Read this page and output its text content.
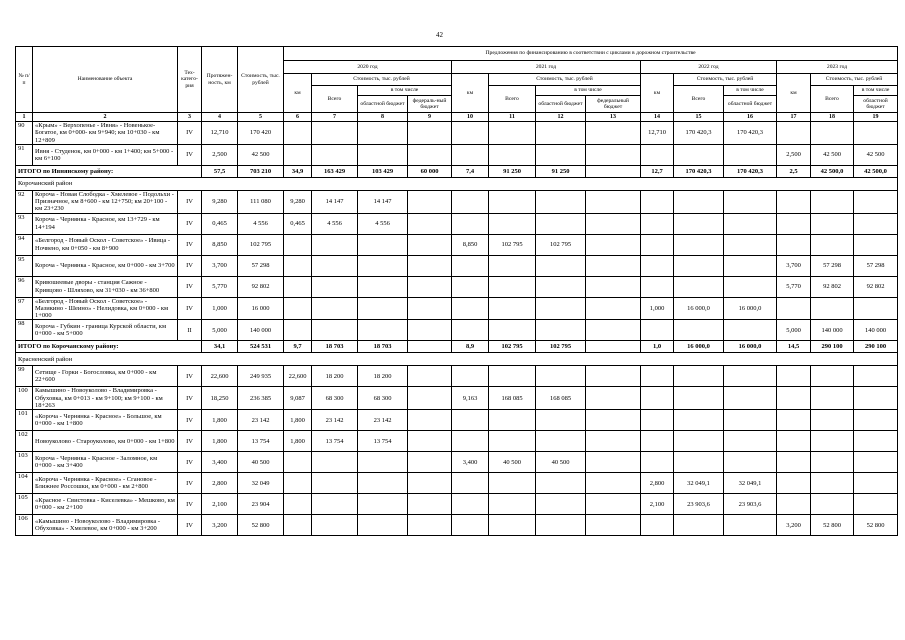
42
№ п/п	Наименование объекта	Тех-катего-рия	Протяжен-ность, км	Стоимость, тыс. рублей	Предложения по финансированию в соответствии с циклами в дорожном строительстве													
					2020 год				2021 год				2022 год			2023 год		
					км	Стоимость, тыс. рублей			км	Стоимость, тыс. рублей			км	Стоимость, тыс. рублей		км	Стоимость, тыс. рублей	
						Всего	в том числе			Всего	в том числе			Всего	в том числе		Всего	в том числе
							областной бюджет	федераль-ный бюджет			областной бюджет	федеральный бюджет			областной бюджет			областной бюджет
1	2	3	4	5	6	7	8	9	10	11	12	13	14	15	16	17	18	19
90	«Крым» - Верхопенье - Ивня» - Новенькое-Богатое, км 0+000- км 9+940; км 10+030 - км 12+809	IV	12,710	170 420									12,710	170 420,3	170 420,3			
91	Ивня - Студенок, км 0+000 - км 1+400; км 5+000 - км 6+100	IV	2,500	42 500												2,500	42 500	42 500
ИТОГО по Ивнянскому району:			57,5	703 210	34,9	163 429	103 429	60 000	7,4	91 250	91 250		12,7	170 420,3	170 420,3	2,5	42 500,0	42 500,0
Корочанский район																		
92	Короча - Новая Слободка - Хмелевое - Подольхи - Призначное, км 8+600 - км 12+750; км 20+100 - км 23+230	IV	9,280	111 080	9,280	14 147	14 147											
93	Короча - Чернянка - Красное, км 13+729 - км 14+194	IV	0,465	4 556	0,465	4 556	4 556											
94	«Белгород - Новый Оскол - Советское» - Ивица - Ночвено, км 0+050 - км 8+900	IV	8,850	102 795					8,850	102 795	102 795							
95	Короча - Чернянка - Красное, км 0+000 - км 3+700	IV	3,700	57 298												3,700	57 298	57 298
96	Кривошеевые дворы - станция Сажное - Кривцово - Шляхово, км 31+030 - км 36+800	IV	5,770	92 802												5,770	92 802	92 802
97	«Белгород - Новый Оскол - Советское» - Мазикино - Шеино» - Нелидовка, км 0+000 - км 1+000	IV	1,000	16 000									1,000	16 000,0	16 000,0			
98	Короча - Губкин - граница Курской области, км 0+000 - км 5+000	II	5,000	140 000												5,000	140 000	140 000
ИТОГО по Корочанскому району:			34,1	524 531	9,7	18 703	18 703		8,9	102 795	102 795		1,0	16 000,0	16 000,0	14,5	290 100	290 100
Красненский район																		
99	Сетище - Горки - Богословка, км 0+000 - км 22+600	IV	22,600	249 935	22,600	18 200	18 200											
100	Камышино - Новоуколово - Владимировка - Обуховка, км 0+013 - км 9+100; км 9+100 - км 18+263	IV	18,250	236 385	9,087	68 300	68 300		9,163	168 085	168 085							
101	«Короча - Чернянка - Красное» - Большое, км 0+000 - км 1+800	IV	1,800	23 142	1,800	23 142	23 142											
102	Новоуколово - Староуколово, км 0+000 - км 1+800	IV	1,800	13 754	1,800	13 754	13 754											
103	Короча - Чернянка - Красное - Заломное, км 0+000 - км 3+400	IV	3,400	40 500					3,400	40 500	40 500							
104	«Короча - Чернянка - Красное» - Сгановое - Ближнее Россошки, км 0+000 - км 2+800	IV	2,800	32 049									2,800	32 049,1	32 049,1			
105	«Красное - Свистовка - Киселевка» - Мешково, км 0+000 - км 2+100	IV	2,100	23 904									2,100	23 903,6	23 903,6			
106	«Камышино - Новоуколово - Владимировка - Обуховка» - Хмелевое, км 0+000 - км 3+200	IV	3,200	52 800												3,200	52 800	52 800
